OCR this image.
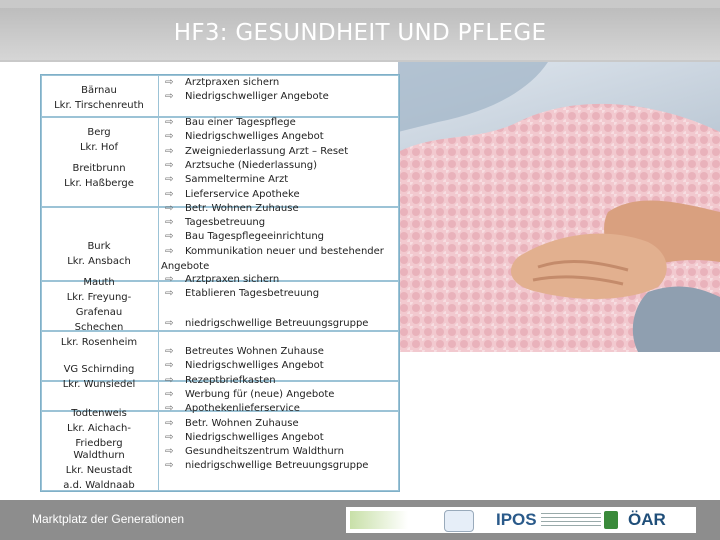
HF3: GESUNDHEIT UND PFLEGE
Bärnau
Lkr. Tirschenreuth
Berg
Lkr. Hof
Breitbrunn
Lkr. Haßberge
Burk
Lkr. Ansbach
Mauth
Lkr. Freyung-
Grafenau
Schechen
Lkr. Rosenheim
VG Schirnding
Lkr. Wunsiedel
Todtenweis
Lkr. Aichach-
Friedberg
Waldthurn
Lkr. Neustadt
a.d. Waldnaab
⇨ Arztpraxen sichern
⇨ Niedrigschwelliger Angebote
⇨ Bau einer Tagespflege
⇨ Niedrigschwelliges Angebot
⇨ Zweigniederlassung Arzt – Reset
⇨ Arztsuche (Niederlassung)
⇨ Sammeltermine Arzt
⇨ Lieferservice Apotheke
⇨ Betr. Wohnen Zuhause
⇨ Tagesbetreuung
⇨ Bau Tagespflegeeinrichtung
⇨ Kommunikation neuer und bestehender
⇨ Arztpraxen sichern
⇨ Etablieren Tagesbetreuung
⇨ niedrigschwellige Betreuungsgruppe
⇨ Betreutes Wohnen Zuhause
⇨ Niedrigschwelliges Angebot
⇨ Rezeptbriefkasten
⇨ Werbung für (neue) Angebote
⇨ Apothekenlieferservice
⇨ Betr. Wohnen Zuhause
⇨ Niedrigschwelliges Angebot
⇨ Gesundheitszentrum Waldthurn
⇨ niedrigschwellige Betreuungsgruppe
Angebote
Marktplatz der Generationen	IPOS	ÖAR
